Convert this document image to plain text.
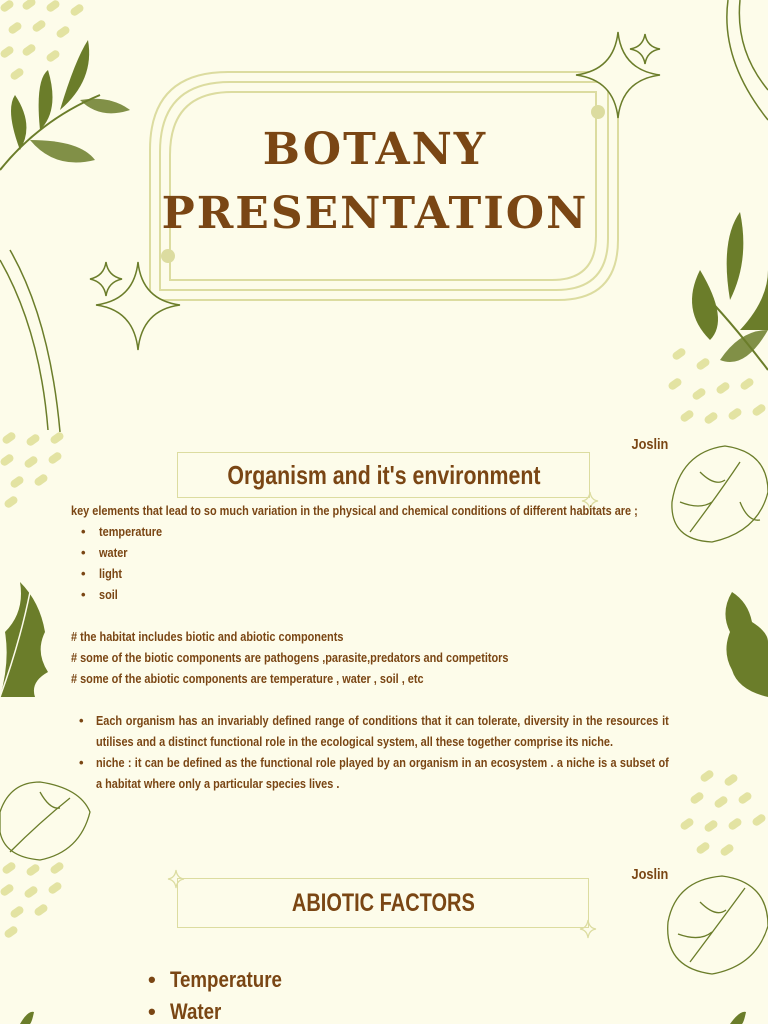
BOTANY
PRESENTATION
Joslin
Organism and it's environment
key elements that lead to so much variation in the physical and chemical conditions of different habitats are ;
• temperature
• water
• light
• soil
# the habitat includes biotic and abiotic components
# some of the biotic components are pathogens ,parasite,predators and competitors
# some of the abiotic components are temperature , water , soil , etc
• Each organism has an invariably defined range of conditions that it can tolerate, diversity in the resources it utilises and a distinct functional role in the ecological system, all these together comprise its niche.
• niche : it can be defined as the functional role played by an organism in an ecosystem . a niche is a subset of a habitat where only a particular species lives .
Joslin
ABIOTIC FACTORS
• Temperature
• Water
